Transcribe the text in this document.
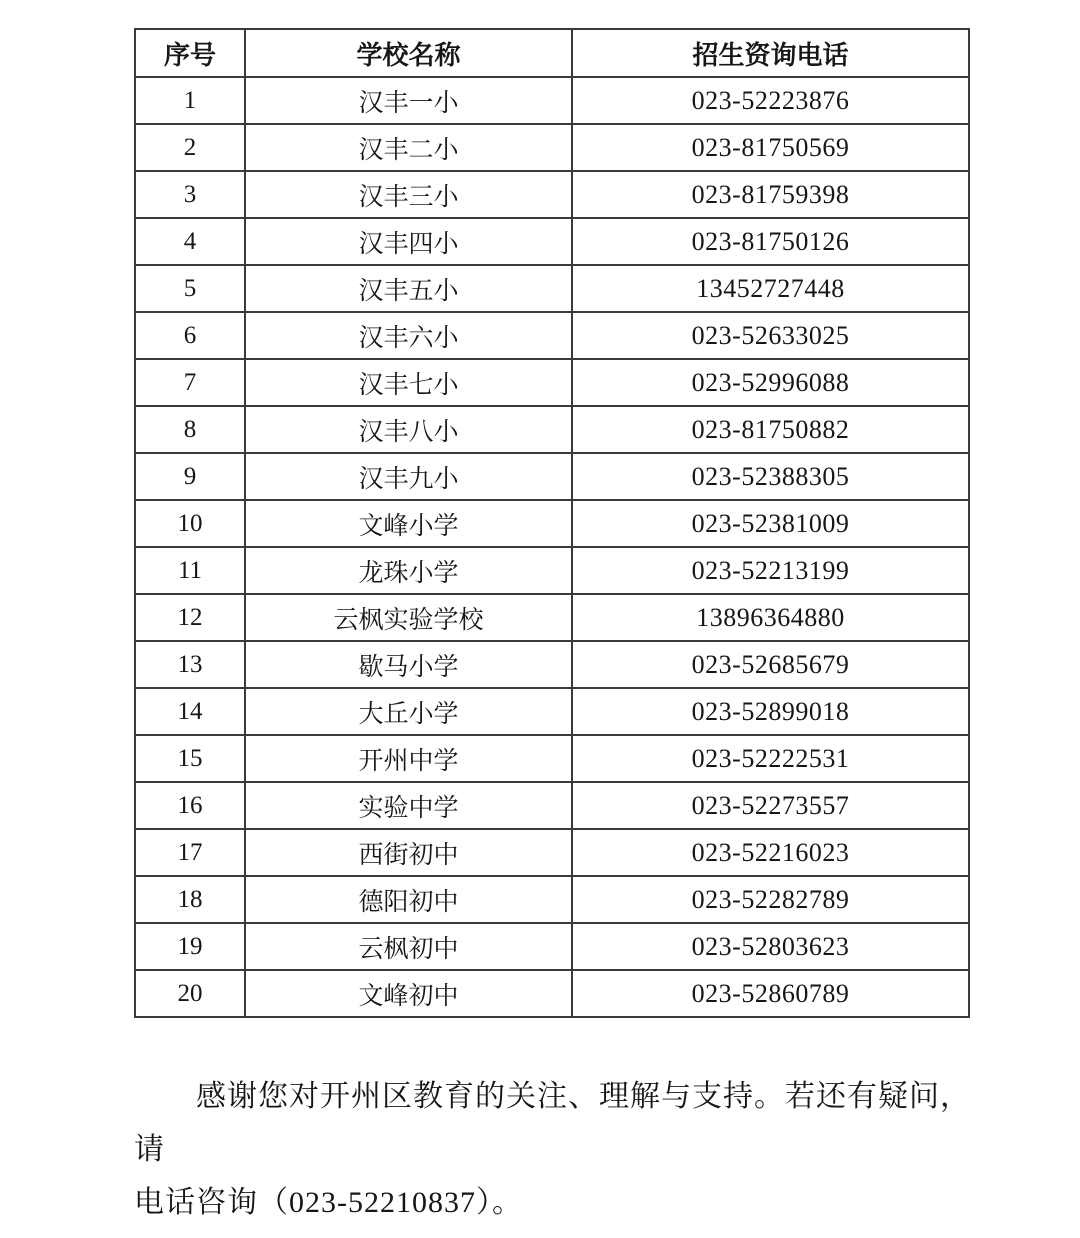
序号	学校名称	招生资询电话
1	汉丰一小	023-52223876
2	汉丰二小	023-81750569
3	汉丰三小	023-81759398
4	汉丰四小	023-81750126
5	汉丰五小	13452727448
6	汉丰六小	023-52633025
7	汉丰七小	023-52996088
8	汉丰八小	023-81750882
9	汉丰九小	023-52388305
10	文峰小学	023-52381009
11	龙珠小学	023-52213199
12	云枫实验学校	13896364880
13	歇马小学	023-52685679
14	大丘小学	023-52899018
15	开州中学	023-52222531
16	实验中学	023-52273557
17	西街初中	023-52216023
18	德阳初中	023-52282789
19	云枫初中	023-52803623
20	文峰初中	023-52860789
感谢您对开州区教育的关注、理解与支持。若还有疑问，请
电话咨询（023-52210837）。
